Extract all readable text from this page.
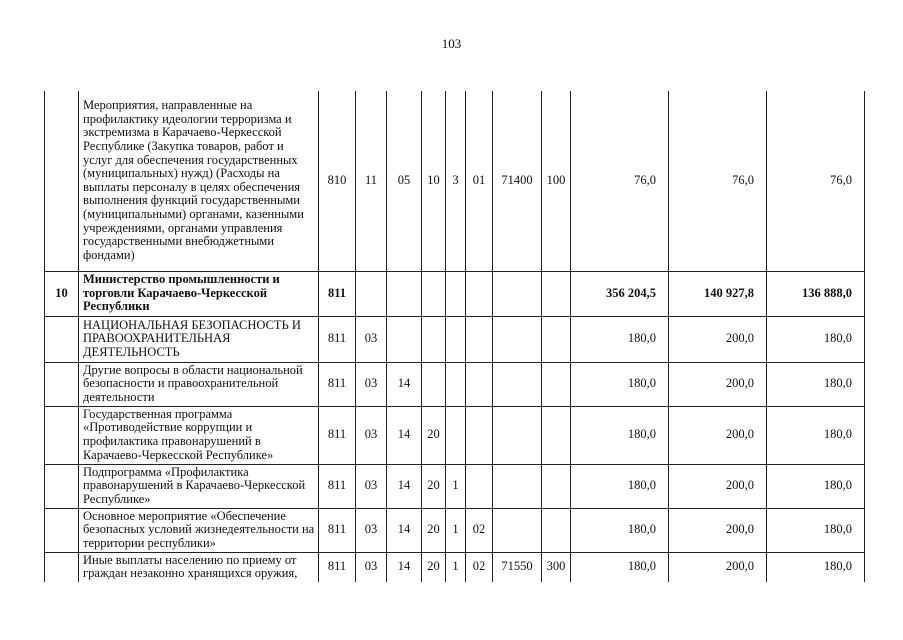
103
	Мероприятия, направленные на профилактику идеологии терроризма и экстремизма в Карачаево-Черкесской Республике (Закупка товаров, работ и услуг для обеспечения государственных (муниципальных) нужд) (Расходы на выплаты персоналу в целях обеспечения выполнения функций государственными (муниципальными) органами, казенными учреждениями, органами управления государственными внебюджетными фондами)	810	11	05	10	3	01	71400	100	76,0	76,0	76,0
10	Министерство промышленности и торговли Карачаево-Черкесской Республики	811								356 204,5	140 927,8	136 888,0
	НАЦИОНАЛЬНАЯ БЕЗОПАСНОСТЬ И ПРАВООХРАНИТЕЛЬНАЯ ДЕЯТЕЛЬНОСТЬ	811	03							180,0	200,0	180,0
	Другие вопросы в области национальной безопасности и правоохранительной деятельности	811	03	14						180,0	200,0	180,0
	Государственная программа «Противодействие коррупции и профилактика правонарушений в Карачаево-Черкесской Республике»	811	03	14	20					180,0	200,0	180,0
	Подпрограмма «Профилактика правонарушений в Карачаево-Черкесской Республике»	811	03	14	20	1				180,0	200,0	180,0
	Основное мероприятие «Обеспечение безопасных условий жизнедеятельности на территории республики»	811	03	14	20	1	02			180,0	200,0	180,0
	Иные выплаты населению по приему от граждан незаконно хранящихся оружия,	811	03	14	20	1	02	71550	300	180,0	200,0	180,0
